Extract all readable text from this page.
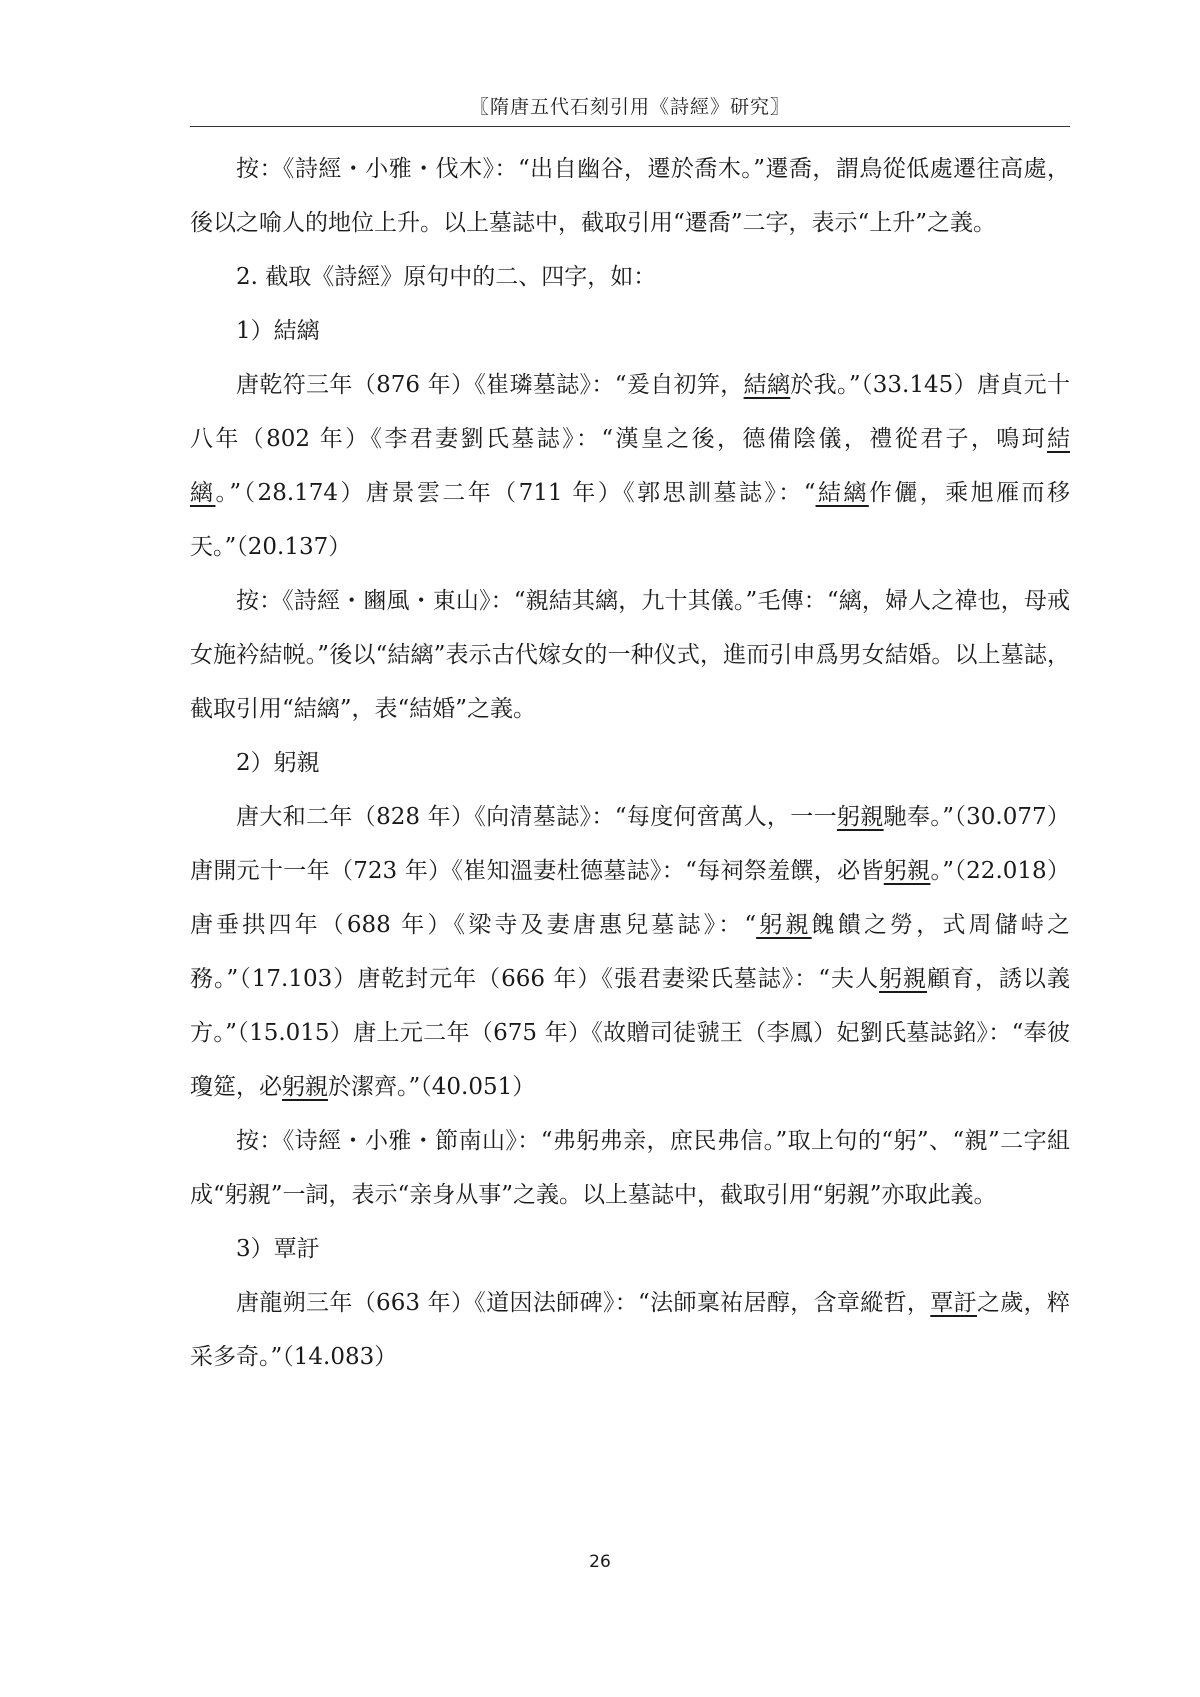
〖隋唐五代石刻引用《詩經》研究〗

按：《詩經・小雅・伐木》：“出自幽谷，遷於喬木。”遷喬，謂鳥從低處遷往高處，後以之喻人的地位上升。以上墓誌中，截取引用“遷喬”二字，表示“上升”之義。

2. 截取《詩經》原句中的二、四字，如：

1）結縭

唐乾符三年（876 年）《崔璘墓誌》：“爰自初笄，結縭於我。”（33.145）唐貞元十八年（802 年）《李君妻劉氏墓誌》：“漢皇之後，德備陰儀，禮從君子，鳴珂結縭。”（28.174）唐景雲二年（711 年）《郭思訓墓誌》：“結縭作儷，乘旭雁而移天。”（20.137）

按：《詩經・豳風・東山》：“親結其縭，九十其儀。”毛傳：“縭，婦人之禕也，母戒女施衿結帨。”後以“結縭”表示古代嫁女的一种仪式，進而引申爲男女結婚。以上墓誌，截取引用“結縭”，表“結婚”之義。

2）躬親

唐大和二年（828 年）《向清墓誌》：“每度何啻萬人，一一躬親馳奉。”（30.077）唐開元十一年（723 年）《崔知溫妻杜德墓誌》：“每祠祭羞饌，必皆躬親。”（22.018）唐垂拱四年（688 年）《梁寺及妻唐惠兒墓誌》：“躬親餽饋之勞，式周儲峙之務。”（17.103）唐乾封元年（666 年）《張君妻梁氏墓誌》：“夫人躬親顧育，誘以義方。”（15.015）唐上元二年（675 年）《故贈司徒虢王（李鳳）妃劉氏墓誌銘》：“奉彼瓊筵，必躬親於潔齊。”（40.051）

按：《诗經・小雅・節南山》：“弗躬弗亲，庶民弗信。”取上句的“躬”、“親”二字組成“躬親”一詞，表示“亲身从事”之義。以上墓誌中，截取引用“躬親”亦取此義。

3）覃訏

唐龍朔三年（663 年）《道因法師碑》：“法師稟祐居醇，含章縱哲，覃訏之歲，粹采多奇。”（14.083）

26
